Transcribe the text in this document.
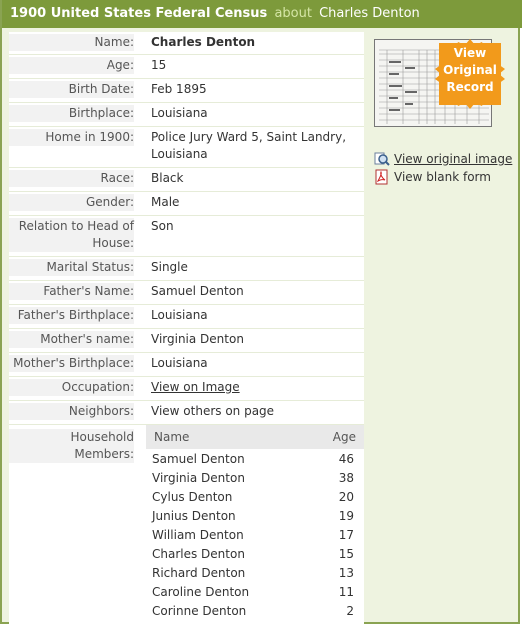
1900 United States Federal Census about Charles Denton
Name: Charles Denton
Age: 15
Birth Date: Feb 1895
Birthplace: Louisiana
Home in 1900: Police Jury Ward 5, Saint Landry,
Louisiana
Race: Black
Gender: Male
Relation to Head of
House:
Son
Marital Status: Single
Father's Name: Samuel Denton
Father's Birthplace: Louisiana
Mother's name: Virginia Denton
Mother's Birthplace: Louisiana
Occupation: View on Image
Neighbors: View others on page
Household Members:
Name	Age
Samuel Denton	46
Virginia Denton	38
Cylus Denton	20
Junius Denton	19
William Denton	17
Charles Denton	15
Richard Denton	13
Caroline Denton	11
Corinne Denton	2
View
Original
Record
View original image
View blank form
